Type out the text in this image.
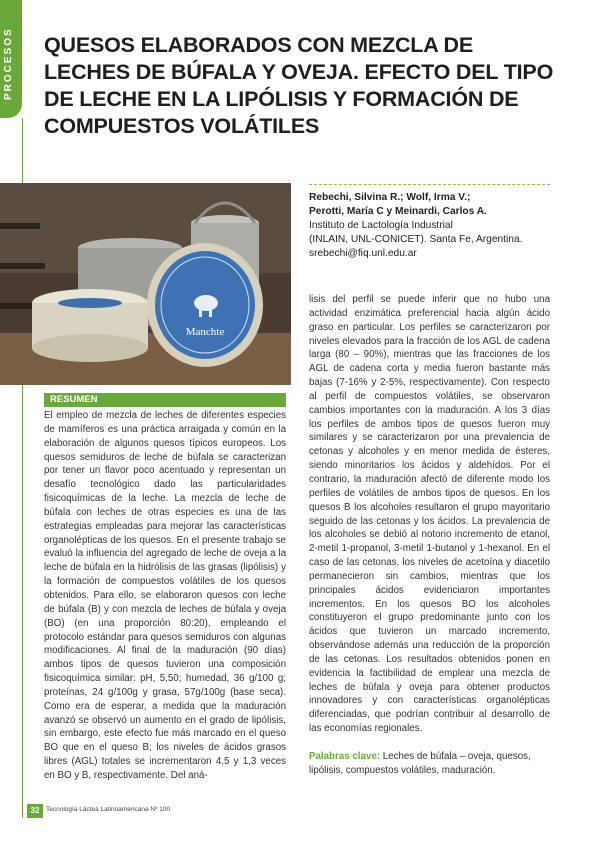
PROCESOS QUESOS ELABORADOS CON MEZCLA DE LECHES DE BÚFALA Y OVEJA. EFECTO DEL TIPO DE LECHE EN LA LIPÓLISIS Y FORMACIÓN DE COMPUESTOS VOLÁTILES
Manchte
Rebechi, Silvina R.; Wolf, Irma V.;
Perotti, María C y Meinardi, Carlos A.
Instituto de Lactología Industrial
(INLAIN, UNL-CONICET). Santa Fe, Argentina.
srebechi@fiq.unl.edu.ar
RESUMEN
El empleo de mezcla de leches de diferentes especies de mamíferos es una práctica arraigada y común en la elaboración de algunos quesos típicos europeos. Los quesos semiduros de leche de búfala se caracterizan por tener un flavor poco acentuado y representan un desafío tecnológico dado las particularidades fisicoquímicas de la leche. La mezcla de leche de búfala con leches de otras especies es una de las estrategias empleadas para mejorar las características organolépticas de los quesos. En el presente trabajo se evaluó la influencia del agregado de leche de oveja a la leche de búfala en la hidrólisis de las grasas (lipólisis) y la formación de compuestos volátiles de los quesos obtenidos. Para ello, se elaboraron quesos con leche de búfala (B) y con mezcla de leches de búfala y oveja (BO) (en una proporción 80:20), empleando el protocolo estándar para quesos semiduros con algunas modificaciones. Al final de la maduración (90 días) ambos tipos de quesos tuvieron una composición fisicoquímica similar: pH, 5,50; humedad, 36 g/100 g; proteínas, 24 g/100g y grasa, 57g/100g (base seca). Como era de esperar, a medida que la maduración avanzó se observó un aumento en el grado de lipólisis, sin embargo, este efecto fue más marcado en el queso BO que en el queso B; los niveles de ácidos grasos libres (AGL) totales se incrementaron 4,5 y 1,3 veces en BO y B, respectivamente. Del aná-
lisis del perfil se puede inferir que no hubo una actividad enzimática preferencial hacia algún ácido graso en particular. Los perfiles se caracterizaron por niveles elevados para la fracción de los AGL de cadena larga (80 – 90%), mientras que las fracciones de los AGL de cadena corta y media fueron bastante más bajas (7-16% y 2-5%, respectivamente). Con respecto al perfil de compuestos volátiles, se observaron cambios importantes con la maduración. A los 3 días los perfiles de ambos tipos de quesos fueron muy similares y se caracterizaron por una prevalencia de cetonas y alcoholes y en menor medida de ésteres, siendo minoritarios los ácidos y aldehídos. Por el contrario, la maduración afectó de diferente modo los perfiles de volátiles de ambos tipos de quesos. En los quesos B los alcoholes resultaron el grupo mayoritario seguido de las cetonas y los ácidos. La prevalencia de los alcoholes se debió al notorio incremento de etanol, 2-metil 1-propanol, 3-metil 1-butanol y 1-hexanol. En el caso de las cetonas, los niveles de acetoína y diacetilo permanecieron sin cambios, mientras que los principales ácidos evidenciaron importantes incrementos. En los quesos BO los alcoholes constituyeron el grupo predominante junto con los ácidos que tuvieron un marcado incremento, observándose además una reducción de la proporción de las cetonas. Los resultados obtenidos ponen en evidencia la factibilidad de emplear una mezcla de leches de búfala y oveja para obtener productos innovadores y con características organolépticas diferenciadas, que podrían contribuir al desarrollo de las economías regionales.
Palabras clave: Leches de búfala – oveja, quesos, lipólisis, compuestos volátiles, maduración.
32	Tecnología Láctea Latinoamericana Nº 100
